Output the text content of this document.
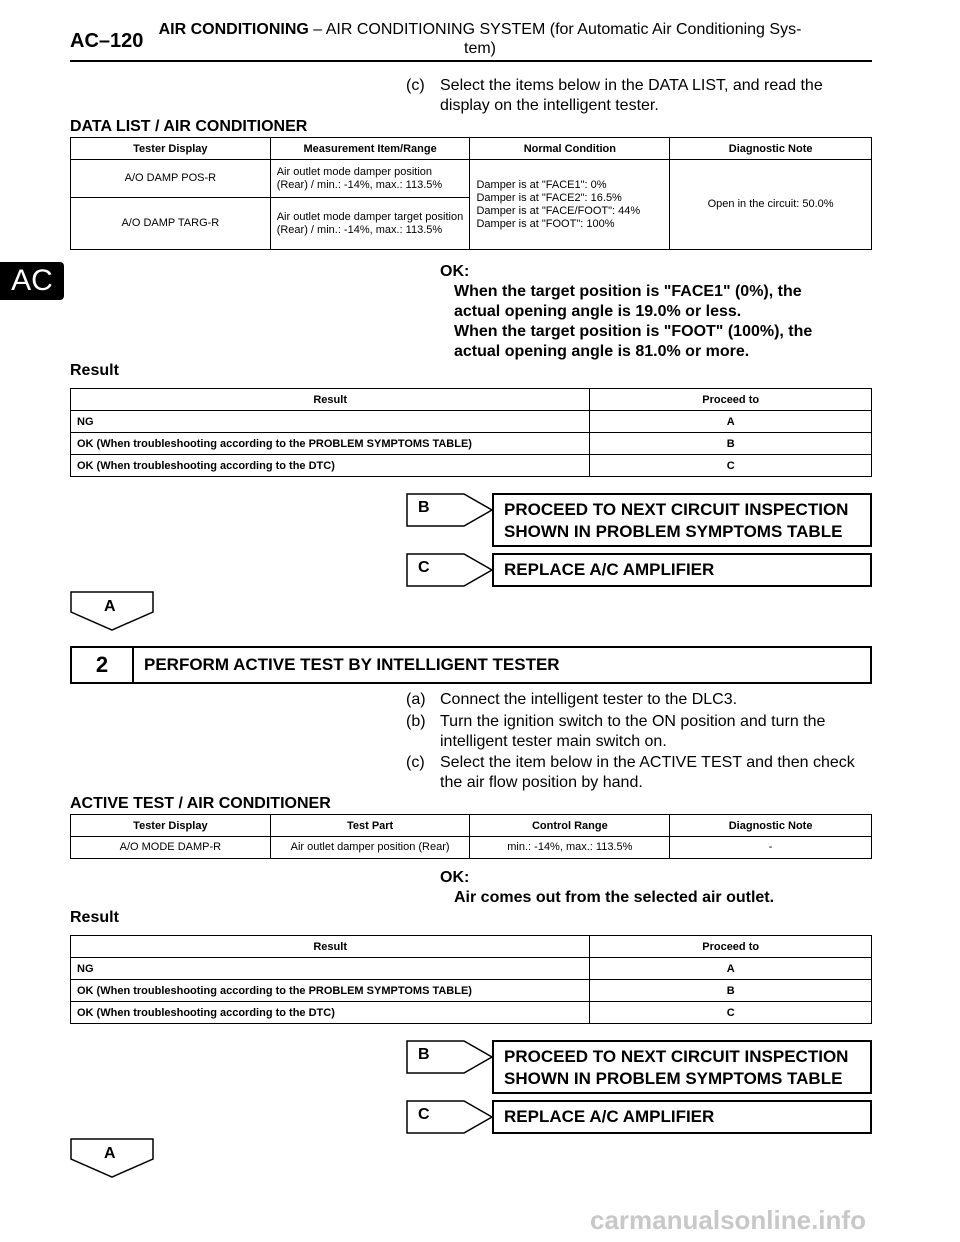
AC–120
AIR CONDITIONING – AIR CONDITIONING SYSTEM (for Automatic Air Conditioning Sys-tem)
AC
(c) Select the items below in the DATA LIST, and read the display on the intelligent tester.
DATA LIST / AIR CONDITIONER
Tester Display	Measurement Item/Range	Normal Condition	Diagnostic Note
A/O DAMP POS-R	Air outlet mode damper position (Rear) / min.: -14%, max.: 113.5%	Damper is at "FACE1": 0%
Damper is at "FACE2": 16.5%
Damper is at "FACE/FOOT": 44%
Damper is at "FOOT": 100%	Open in the circuit: 50.0%
A/O DAMP TARG-R	Air outlet mode damper target position (Rear) / min.: -14%, max.: 113.5%		
OK:
When the target position is "FACE1" (0%), the
actual opening angle is 19.0% or less.
When the target position is "FOOT" (100%), the
actual opening angle is 81.0% or more.
Result
Result	Proceed to
NG	A
OK (When troubleshooting according to the PROBLEM SYMPTOMS TABLE)	B
OK (When troubleshooting according to the DTC)	C
B	PROCEED TO NEXT CIRCUIT INSPECTION
SHOWN IN PROBLEM SYMPTOMS TABLE
C	REPLACE A/C AMPLIFIER
A
2	PERFORM ACTIVE TEST BY INTELLIGENT TESTER
(a) Connect the intelligent tester to the DLC3.
(b) Turn the ignition switch to the ON position and turn the intelligent tester main switch on.
(c) Select the item below in the ACTIVE TEST and then check the air flow position by hand.
ACTIVE TEST / AIR CONDITIONER
Tester Display	Test Part	Control Range	Diagnostic Note
A/O MODE DAMP-R	Air outlet damper position (Rear)	min.: -14%, max.: 113.5%	-
OK:
Air comes out from the selected air outlet.
Result
Result	Proceed to
NG	A
OK (When troubleshooting according to the PROBLEM SYMPTOMS TABLE)	B
OK (When troubleshooting according to the DTC)	C
B	PROCEED TO NEXT CIRCUIT INSPECTION
SHOWN IN PROBLEM SYMPTOMS TABLE
C	REPLACE A/C AMPLIFIER
A
carmanualsonline.info
